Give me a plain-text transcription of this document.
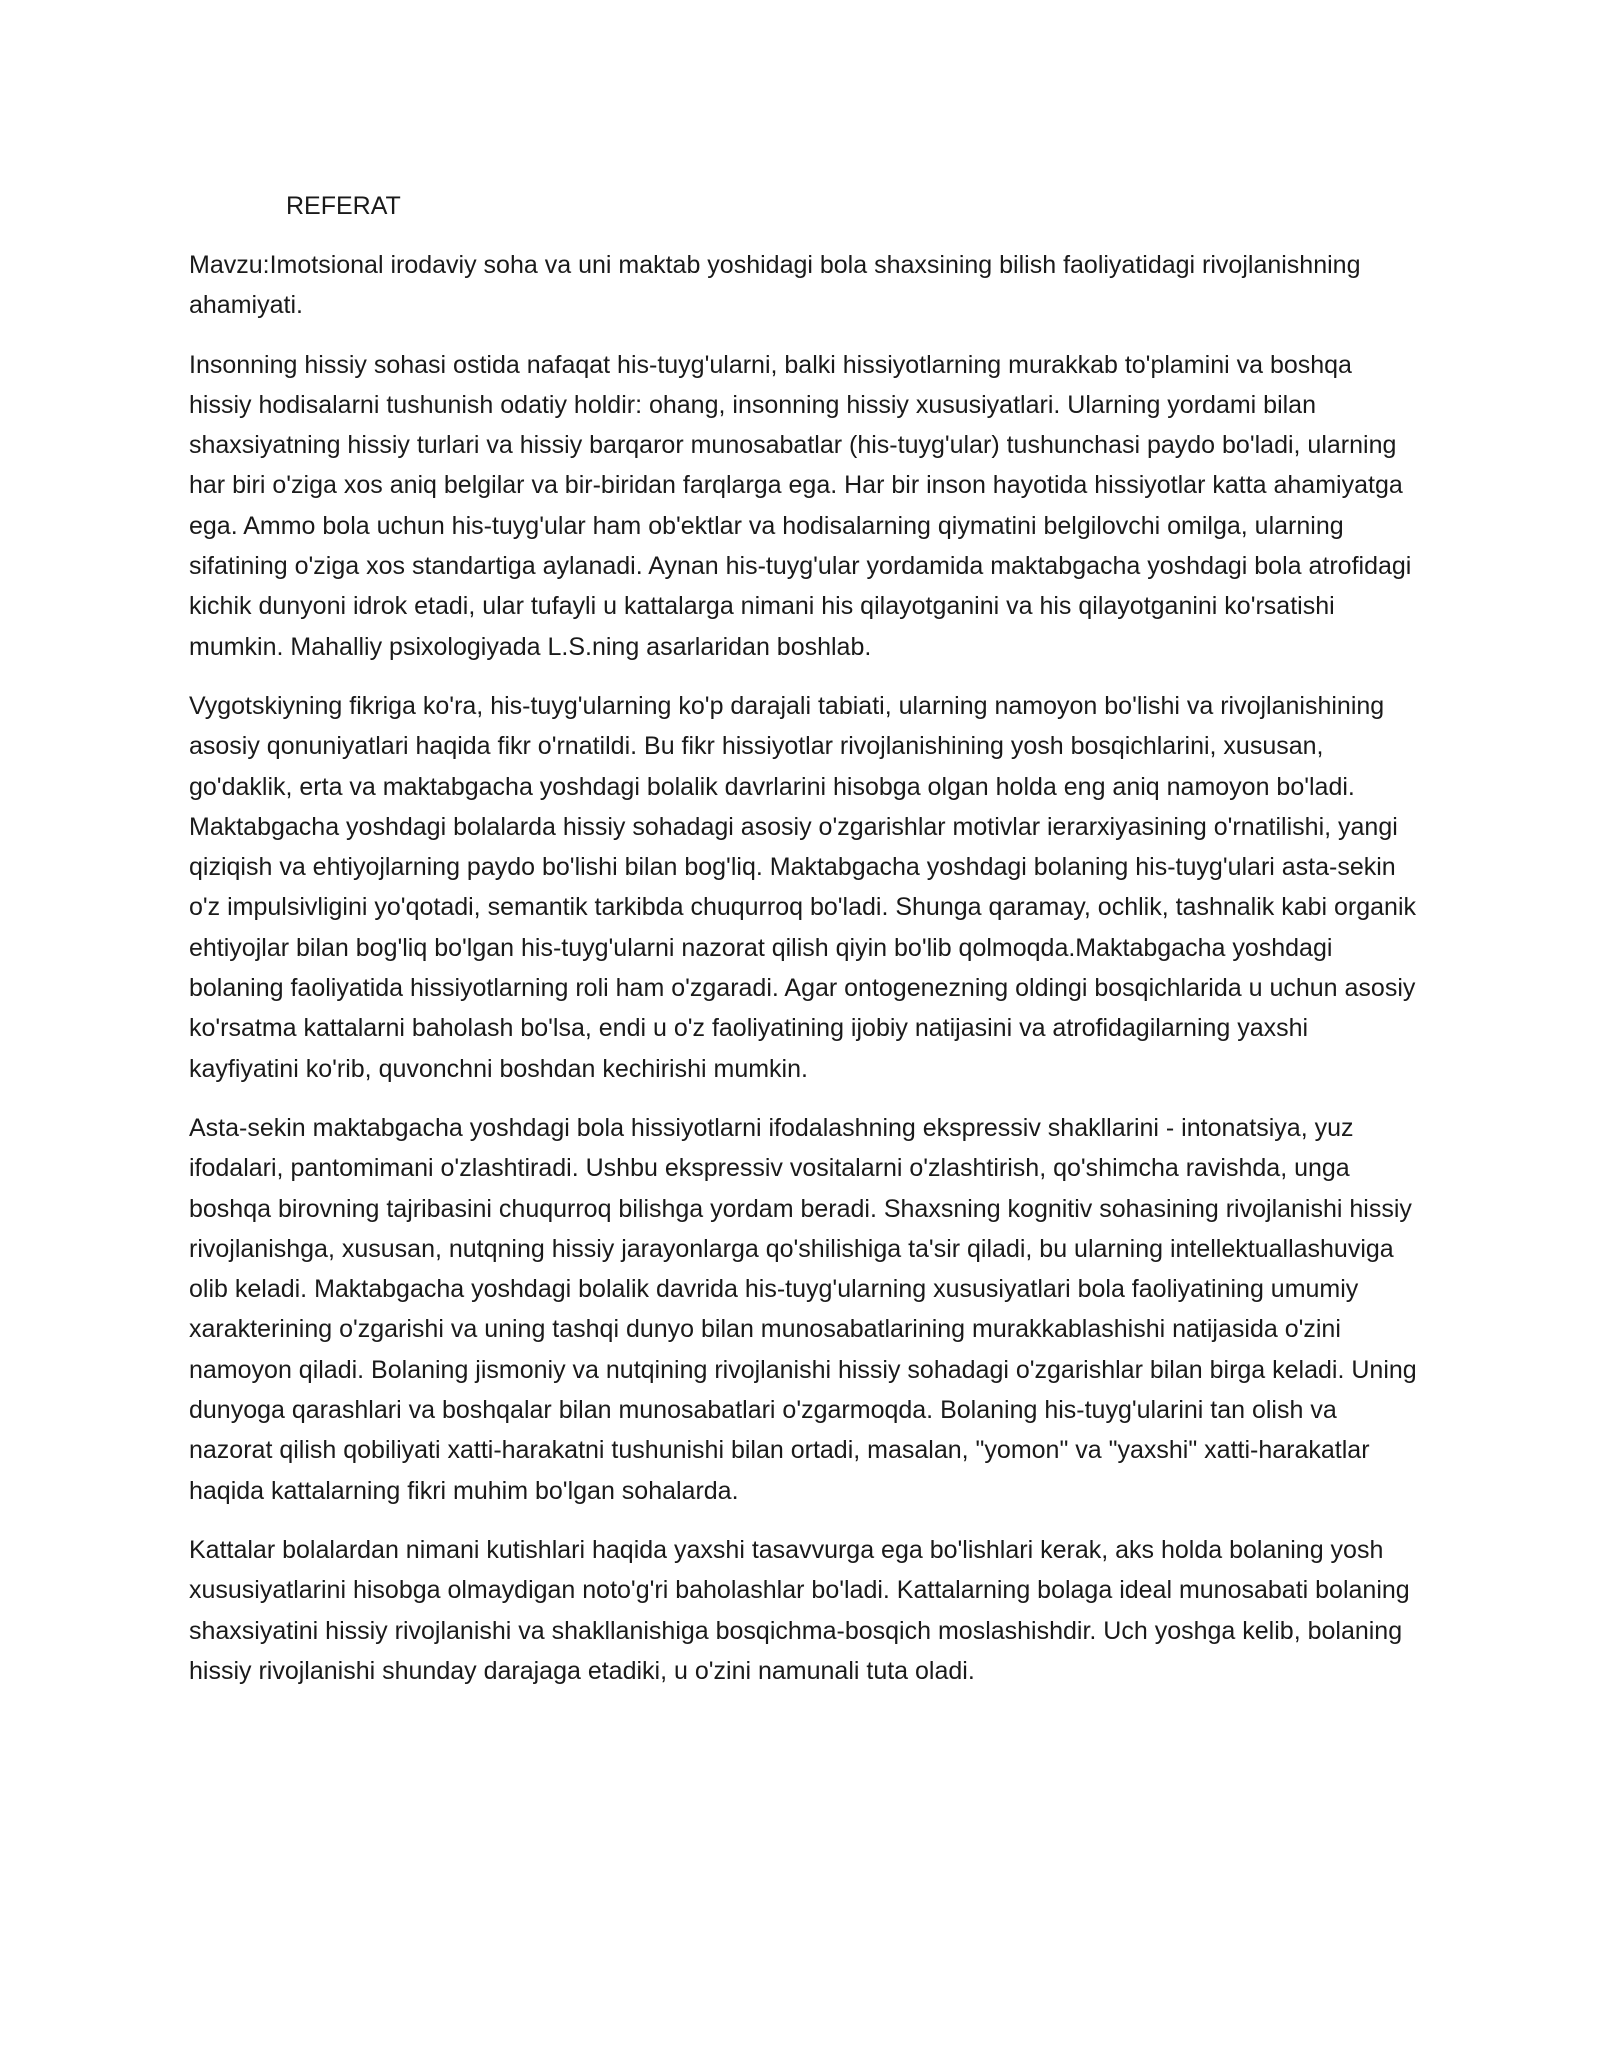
REFERAT

Mavzu:Imotsional irodaviy soha va uni maktab yoshidagi bola shaxsining bilish faoliyatidagi rivojlanishning ahamiyati.

Insonning hissiy sohasi ostida nafaqat his-tuyg'ularni, balki hissiyotlarning murakkab to'plamini va boshqa hissiy hodisalarni tushunish odatiy holdir: ohang, insonning hissiy xususiyatlari. Ularning yordami bilan shaxsiyatning hissiy turlari va hissiy barqaror munosabatlar (his-tuyg'ular) tushunchasi paydo bo'ladi, ularning har biri o'ziga xos aniq belgilar va bir-biridan farqlarga ega. Har bir inson hayotida hissiyotlar katta ahamiyatga ega. Ammo bola uchun his-tuyg'ular ham ob'ektlar va hodisalarning qiymatini belgilovchi omilga, ularning sifatining o'ziga xos standartiga aylanadi. Aynan his-tuyg'ular yordamida maktabgacha yoshdagi bola atrofidagi kichik dunyoni idrok etadi, ular tufayli u kattalarga nimani his qilayotganini va his qilayotganini ko'rsatishi mumkin. Mahalliy psixologiyada L.S.ning asarlaridan boshlab.

Vygotskiyning fikriga ko'ra, his-tuyg'ularning ko'p darajali tabiati, ularning namoyon bo'lishi va rivojlanishining asosiy qonuniyatlari haqida fikr o'rnatildi. Bu fikr hissiyotlar rivojlanishining yosh bosqichlarini, xususan, go'daklik, erta va maktabgacha yoshdagi bolalik davrlarini hisobga olgan holda eng aniq namoyon bo'ladi. Maktabgacha yoshdagi bolalarda hissiy sohadagi asosiy o'zgarishlar motivlar ierarxiyasining o'rnatilishi, yangi qiziqish va ehtiyojlarning paydo bo'lishi bilan bog'liq. Maktabgacha yoshdagi bolaning his-tuyg'ulari asta-sekin o'z impulsivligini yo'qotadi, semantik tarkibda chuqurroq bo'ladi. Shunga qaramay, ochlik, tashnalik kabi organik ehtiyojlar bilan bog'liq bo'lgan his-tuyg'ularni nazorat qilish qiyin bo'lib qolmoqda.Maktabgacha yoshdagi bolaning faoliyatida hissiyotlarning roli ham o'zgaradi. Agar ontogenezning oldingi bosqichlarida u uchun asosiy ko'rsatma kattalarni baholash bo'lsa, endi u o'z faoliyatining ijobiy natijasini va atrofidagilarning yaxshi kayfiyatini ko'rib, quvonchni boshdan kechirishi mumkin.

Asta-sekin maktabgacha yoshdagi bola hissiyotlarni ifodalashning ekspressiv shakllarini - intonatsiya, yuz ifodalari, pantomimani o'zlashtiradi. Ushbu ekspressiv vositalarni o'zlashtirish, qo'shimcha ravishda, unga boshqa birovning tajribasini chuqurroq bilishga yordam beradi. Shaxsning kognitiv sohasining rivojlanishi hissiy rivojlanishga, xususan, nutqning hissiy jarayonlarga qo'shilishiga ta'sir qiladi, bu ularning intellektuallashuviga olib keladi. Maktabgacha yoshdagi bolalik davrida his-tuyg'ularning xususiyatlari bola faoliyatining umumiy xarakterining o'zgarishi va uning tashqi dunyo bilan munosabatlarining murakkablashishi natijasida o'zini namoyon qiladi. Bolaning jismoniy va nutqining rivojlanishi hissiy sohadagi o'zgarishlar bilan birga keladi. Uning dunyoga qarashlari va boshqalar bilan munosabatlari o'zgarmoqda. Bolaning his-tuyg'ularini tan olish va nazorat qilish qobiliyati xatti-harakatni tushunishi bilan ortadi, masalan, "yomon" va "yaxshi" xatti-harakatlar haqida kattalarning fikri muhim bo'lgan sohalarda.

Kattalar bolalardan nimani kutishlari haqida yaxshi tasavvurga ega bo'lishlari kerak, aks holda bolaning yosh xususiyatlarini hisobga olmaydigan noto'g'ri baholashlar bo'ladi. Kattalarning bolaga ideal munosabati bolaning shaxsiyatini hissiy rivojlanishi va shakllanishiga bosqichma-bosqich moslashishdir. Uch yoshga kelib, bolaning hissiy rivojlanishi shunday darajaga etadiki, u o'zini namunali tuta oladi.
